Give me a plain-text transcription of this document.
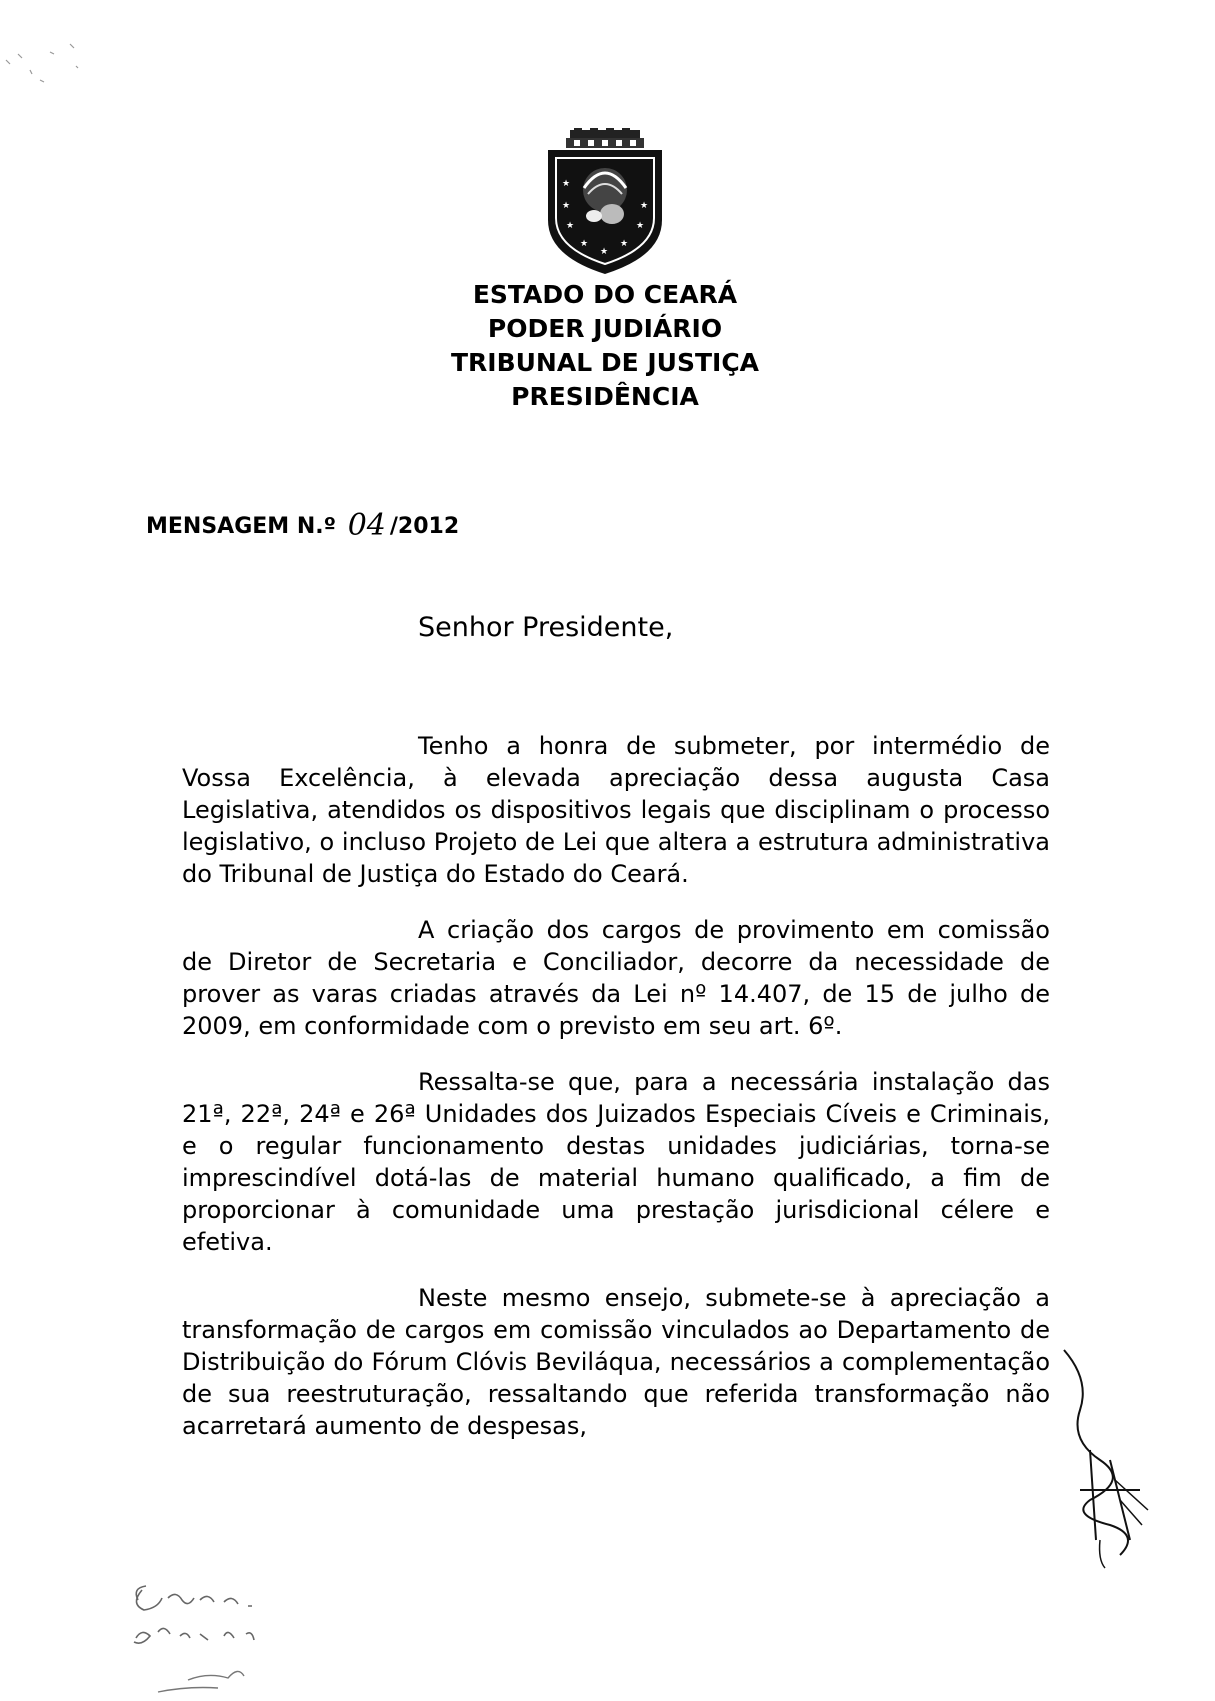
★
★
★
★
★
★
★
★
ESTADO DO CEARÁ
PODER JUDIÁRIO
TRIBUNAL DE JUSTIÇA
PRESIDÊNCIA
MENSAGEM N.º 04 /2012
Senhor Presidente,

Tenho a honra de submeter, por intermédio de Vossa Excelência, à elevada apreciação dessa augusta Casa Legislativa, atendidos os dispositivos legais que disciplinam o processo legislativo, o incluso Projeto de Lei que altera a estrutura administrativa do Tribunal de Justiça do Estado do Ceará.

A criação dos cargos de provimento em comissão de Diretor de Secretaria e Conciliador, decorre da necessidade de prover as varas criadas através da Lei nº 14.407, de 15 de julho de 2009, em conformidade com o previsto em seu art. 6º.

Ressalta-se que, para a necessária instalação das 21ª, 22ª, 24ª e 26ª Unidades dos Juizados Especiais Cíveis e Criminais, e o regular funcionamento destas unidades judiciárias, torna-se imprescindível dotá-las de material humano qualificado, a fim de proporcionar à comunidade uma prestação jurisdicional célere e efetiva.

Neste mesmo ensejo, submete-se à apreciação a transformação de cargos em comissão vinculados ao Departamento de Distribuição do Fórum Clóvis Beviláqua, necessários a complementação de sua reestruturação, ressaltando que referida transformação não acarretará aumento de despesas,
